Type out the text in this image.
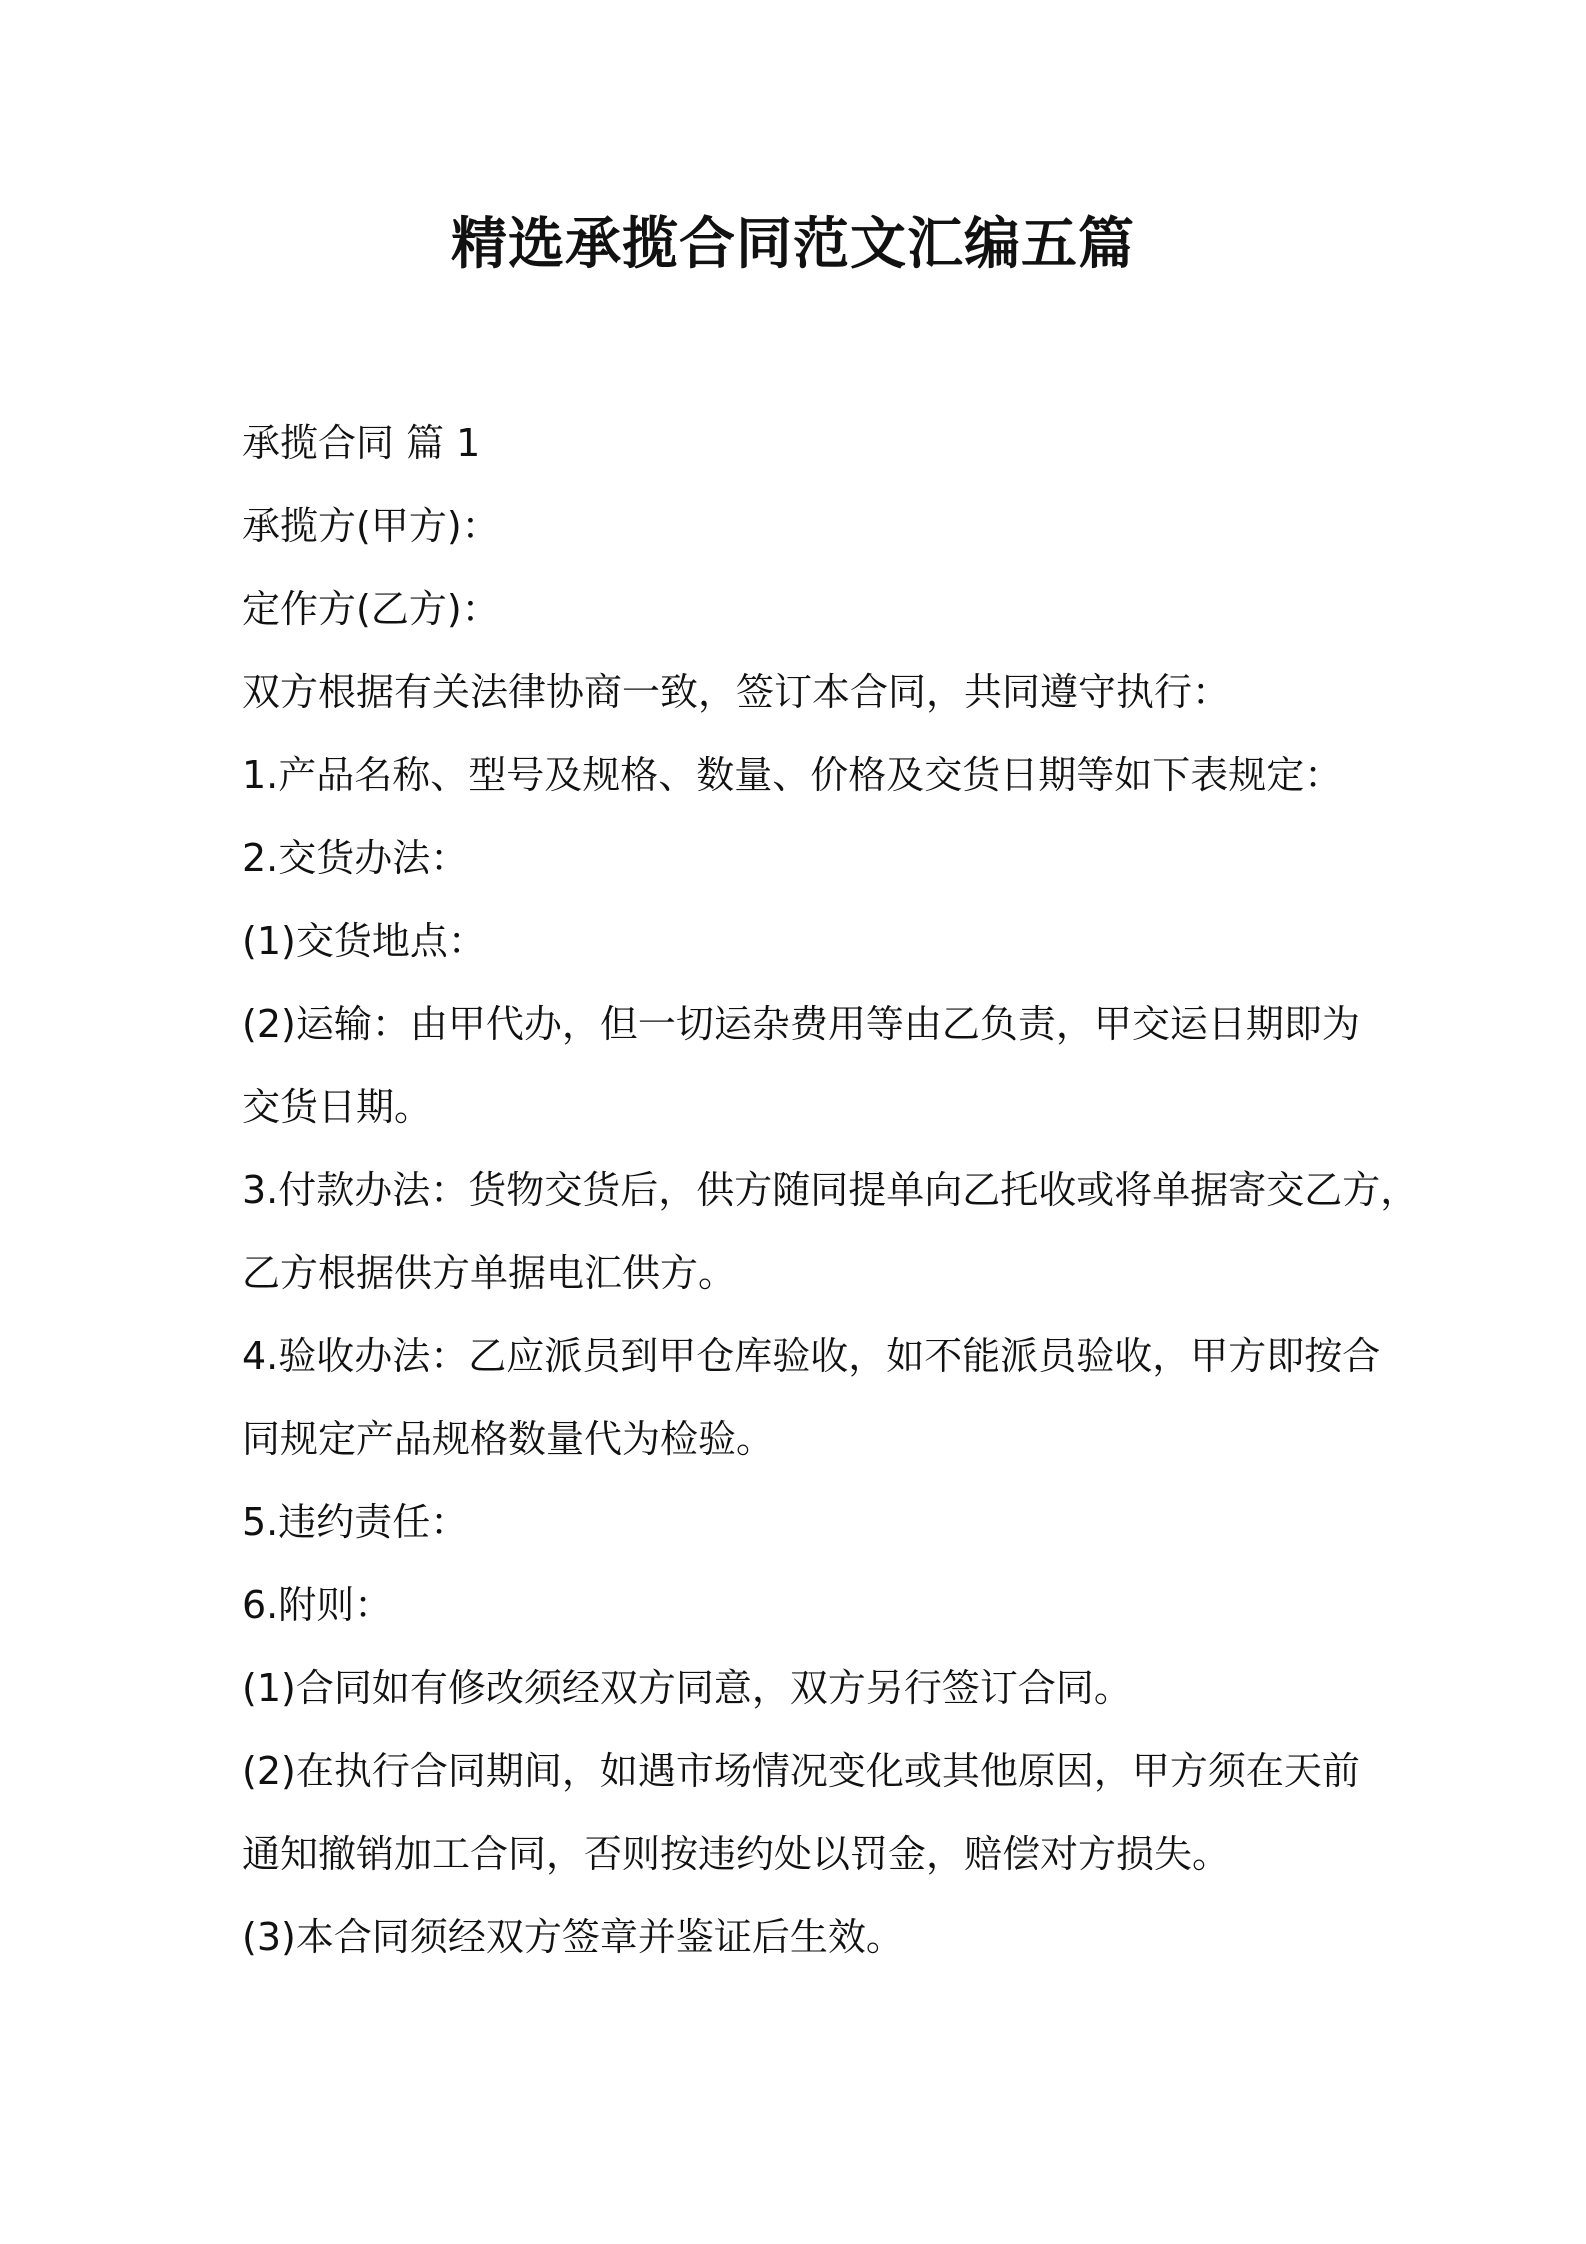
精选承揽合同范文汇编五篇
承揽合同 篇 1
承揽方(甲方)：
定作方(乙方)：
双方根据有关法律协商一致，签订本合同，共同遵守执行：
1.产品名称、型号及规格、数量、价格及交货日期等如下表规定：
2.交货办法：
(1)交货地点：
(2)运输：由甲代办，但一切运杂费用等由乙负责，甲交运日期即为
交货日期。
3.付款办法：货物交货后，供方随同提单向乙托收或将单据寄交乙方，
乙方根据供方单据电汇供方。
4.验收办法：乙应派员到甲仓库验收，如不能派员验收，甲方即按合
同规定产品规格数量代为检验。
5.违约责任：
6.附则：
(1)合同如有修改须经双方同意，双方另行签订合同。
(2)在执行合同期间，如遇市场情况变化或其他原因，甲方须在天前
通知撤销加工合同，否则按违约处以罚金，赔偿对方损失。
(3)本合同须经双方签章并鉴证后生效。
